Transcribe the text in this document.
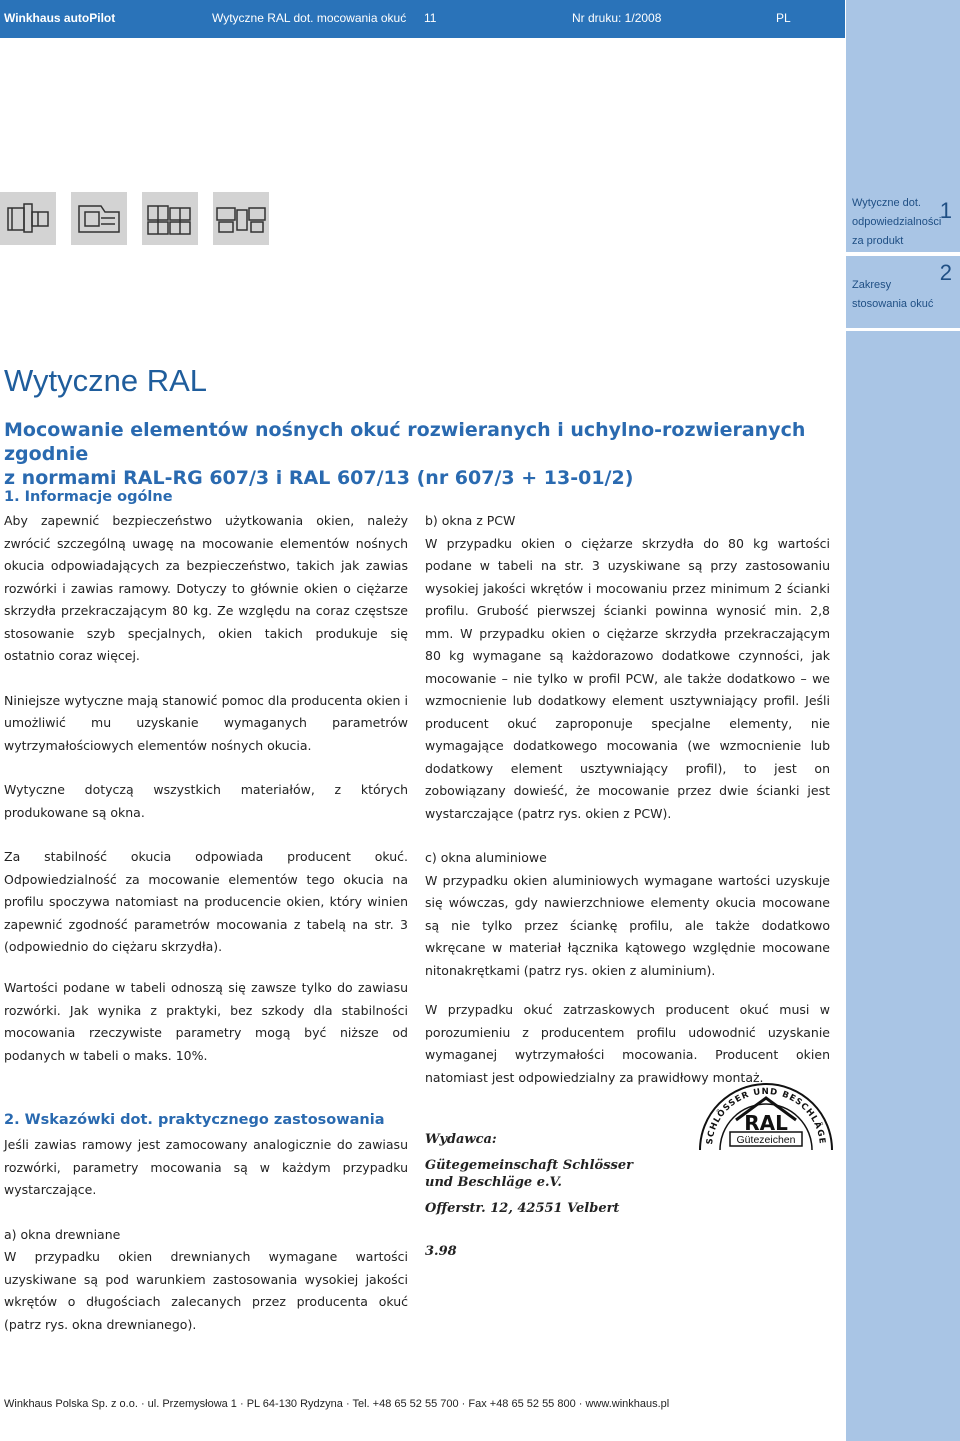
Winkhaus autoPilot	Wytyczne RAL dot. mocowania okuć 11	Nr druku: 1/2008	PL
Wytyczne dot.
odpowiedzialności
za produkt
1
Zakresy
stosowania okuć
2
Wytyczne RAL
Mocowanie elementów nośnych okuć rozwieranych i uchylno-rozwieranych zgodnie
z normami RAL-RG 607/3 i RAL 607/13 (nr 607/3 + 13-01/2)
1. Informacje ogólne

Aby zapewnić bezpieczeństwo użytkowania okien, należy zwrócić szczególną uwagę na mocowanie elementów nośnych okucia odpowiadających za bezpieczeństwo, takich jak zawias rozwórki i zawias ramowy. Dotyczy to głównie okien o ciężarze skrzydła przekraczającym 80 kg. Ze względu na coraz częstsze stosowanie szyb specjalnych, okien takich produkuje się ostatnio coraz więcej.

Niniejsze wytyczne mają stanowić pomoc dla producenta okien i umożliwić mu uzyskanie wymaganych parametrów wytrzymałościowych elementów nośnych okucia.

Wytyczne dotyczą wszystkich materiałów, z których produkowane są okna.

Za stabilność okucia odpowiada producent okuć. Odpowiedzialność za mocowanie elementów tego okucia na profilu spoczywa natomiast na producencie okien, który winien zapewnić zgodność parametrów mocowania z tabelą na str. 3 (odpowiednio do ciężaru skrzydła).

Wartości podane w tabeli odnoszą się zawsze tylko do zawiasu rozwórki. Jak wynika z praktyki, bez szkody dla stabilności mocowania rzeczywiste parametry mogą być niższe od podanych w tabeli o maks. 10%.

2. Wskazówki dot. praktycznego zastosowania

Jeśli zawias ramowy jest zamocowany analogicznie do zawiasu rozwórki, parametry mocowania są w każdym przypadku wystarczające.

a) okna drewniane

W przypadku okien drewnianych wymagane wartości uzyskiwane są pod warunkiem zastosowania wysokiej jakości wkrętów o długościach zalecanych przez producenta okuć (patrz rys. okna drewnianego).

b) okna z PCW

W przypadku okien o ciężarze skrzydła do 80 kg wartości podane w tabeli na str. 3 uzyskiwane są przy zastosowaniu wysokiej jakości wkrętów i mocowaniu przez minimum 2 ścianki profilu. Grubość pierwszej ścianki powinna wynosić min. 2,8 mm. W przypadku okien o ciężarze skrzydła przekraczającym 80 kg wymagane są każdorazowo dodatkowe czynności, jak mocowanie – nie tylko w profil PCW, ale także dodatkowo – we wzmocnienie lub dodatkowy element usztywniający profil. Jeśli producent okuć zaproponuje specjalne elementy, nie wymagające dodatkowego mocowania (we wzmocnienie lub dodatkowy element usztywniający profil), to jest on zobowiązany dowieść, że mocowanie przez dwie ścianki jest wystarczające (patrz rys. okien z PCW).

c) okna aluminiowe

W przypadku okien aluminiowych wymagane wartości uzyskuje się wówczas, gdy nawierzchniowe elementy okucia mocowane są nie tylko przez ściankę profilu, ale także dodatkowo wkręcane w materiał łącznika kątowego względnie mocowane nitonakrętkami (patrz rys. okien z aluminium).

W przypadku okuć zatrzaskowych producent okuć musi w porozumieniu z producentem profilu udowodnić uzyskanie wymaganej wytrzymałości mocowania. Producent okien natomiast jest odpowiedzialny za prawidłowy montaż.

Wydawca:
Gütegemeinschaft Schlösser
und Beschläge e.V.
Offerstr. 12, 42551 Velbert
3.98
SCHLÖSSER UND BESCHLÄGE
RAL
Gütezeichen
Winkhaus Polska Sp. z o.o. · ul. Przemysłowa 1 · PL 64-130 Rydzyna · Tel. +48 65 52 55 700 · Fax +48 65 52 55 800 · www.winkhaus.pl
